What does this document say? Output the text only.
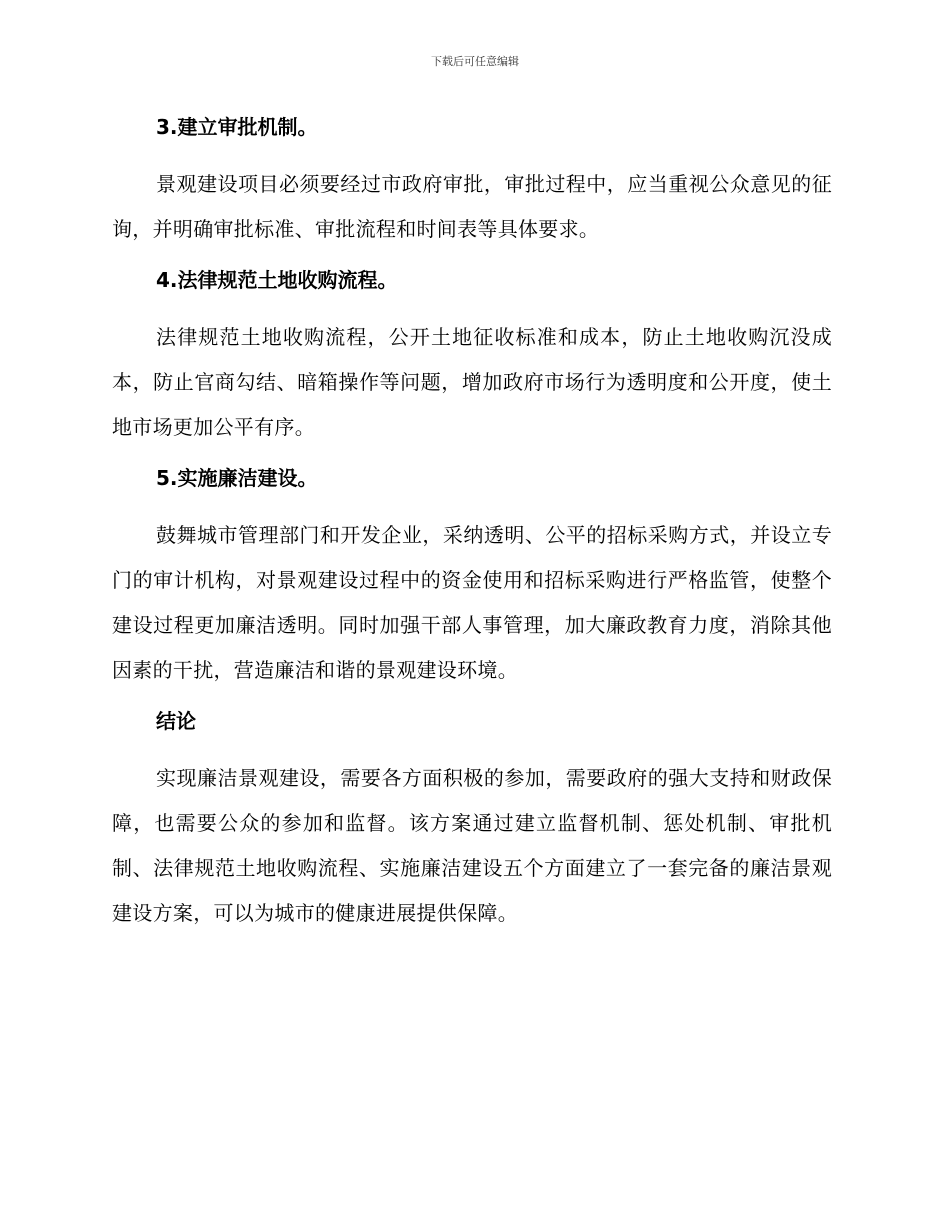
下载后可任意编辑
3.建立审批机制。

景观建设项目必须要经过市政府审批，审批过程中，应当重视公众意见的征询，并明确审批标准、审批流程和时间表等具体要求。

4.法律规范土地收购流程。

法律规范土地收购流程，公开土地征收标准和成本，防止土地收购沉没成本，防止官商勾结、暗箱操作等问题，增加政府市场行为透明度和公开度，使土地市场更加公平有序。

5.实施廉洁建设。

鼓舞城市管理部门和开发企业，采纳透明、公平的招标采购方式，并设立专门的审计机构，对景观建设过程中的资金使用和招标采购进行严格监管，使整个建设过程更加廉洁透明。同时加强干部人事管理，加大廉政教育力度，消除其他因素的干扰，营造廉洁和谐的景观建设环境。

结论

实现廉洁景观建设，需要各方面积极的参加，需要政府的强大支持和财政保障，也需要公众的参加和监督。该方案通过建立监督机制、惩处机制、审批机制、法律规范土地收购流程、实施廉洁建设五个方面建立了一套完备的廉洁景观建设方案，可以为城市的健康进展提供保障。
